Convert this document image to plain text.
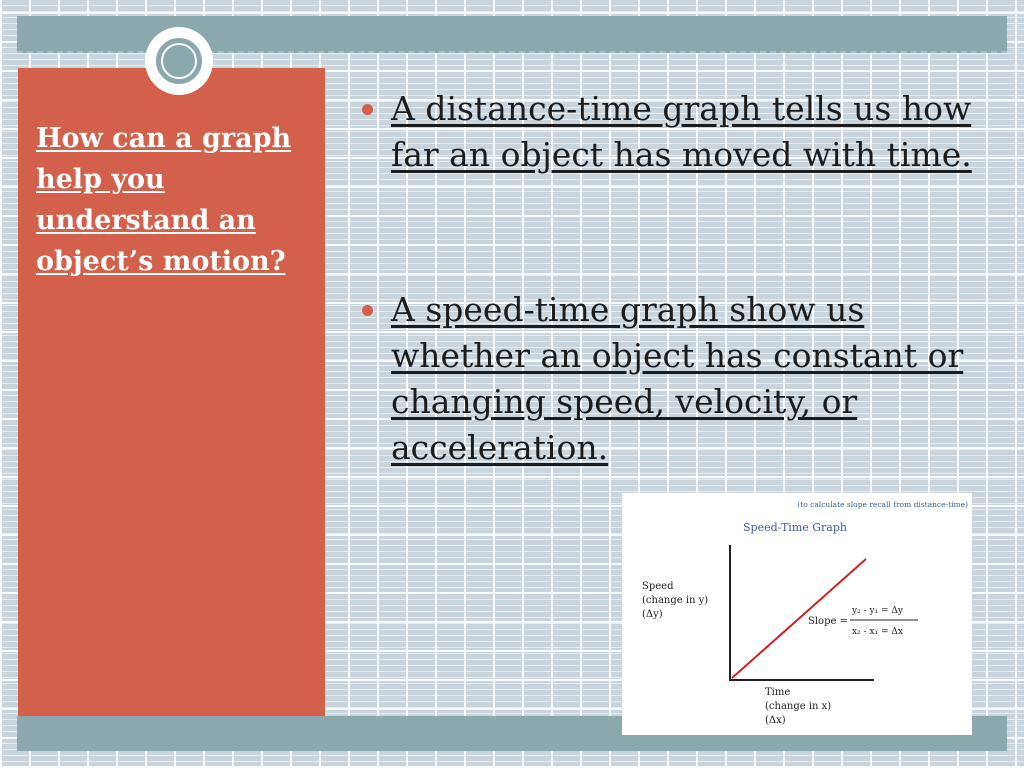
How can a graph help you understand an object’s motion?
A distance-time graph tells us how far an object has moved with time.
A speed-time graph show us whether an object has constant or changing speed, velocity, or acceleration.
(to calculate slope recall from distance-time)
Speed-Time Graph
Speed
(change in y)
(Δy)
Time
(change in x)
(Δx)
Slope =
y₂ - y₁ = Δy
x₂ - x₁ = Δx
